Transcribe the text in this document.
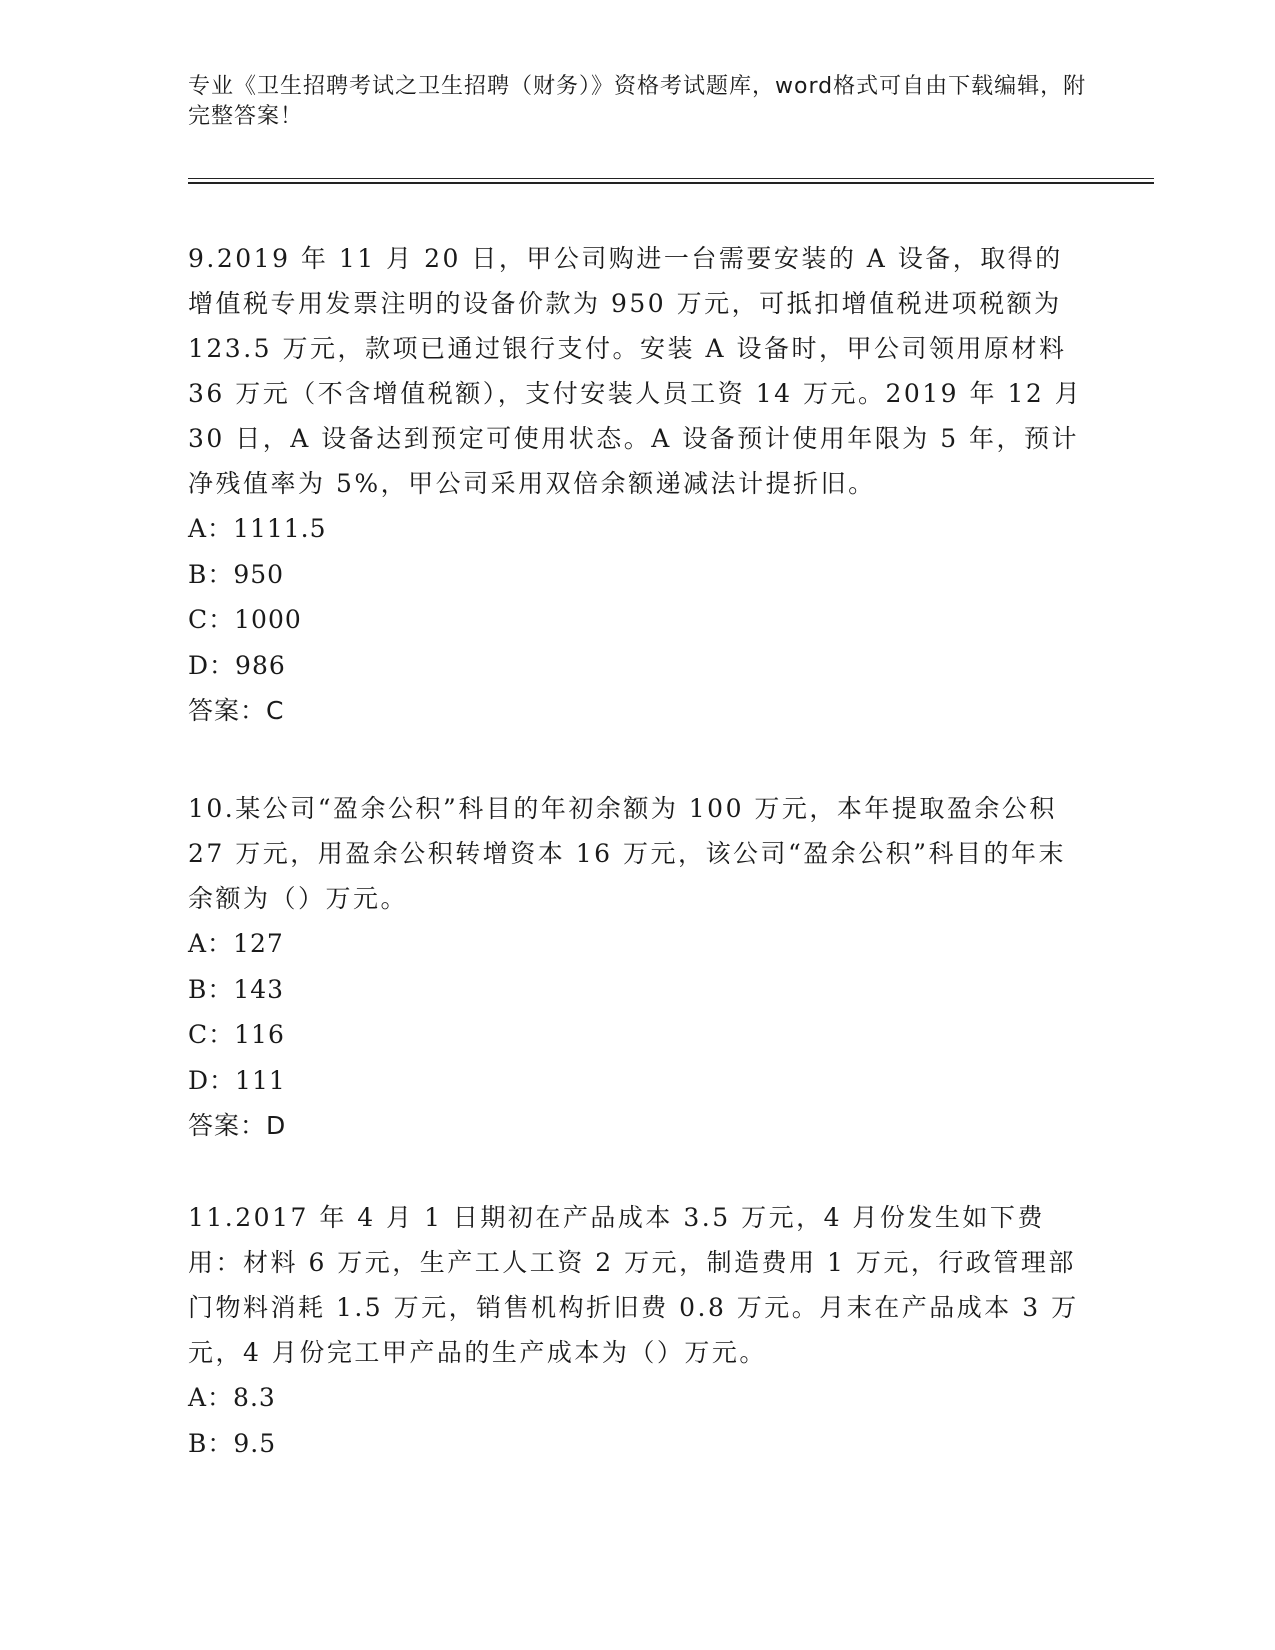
专业《卫生招聘考试之卫生招聘（财务）》资格考试题库，word格式可自由下载编辑，附完整答案！

9.2019 年 11 月 20 日，甲公司购进一台需要安装的 A 设备，取得的增值税专用发票注明的设备价款为 950 万元，可抵扣增值税进项税额为 123.5 万元，款项已通过银行支付。安装 A 设备时，甲公司领用原材料 36 万元（不含增值税额），支付安装人员工资 14 万元。2019 年 12 月 30 日，A 设备达到预定可使用状态。A 设备预计使用年限为 5 年，预计净残值率为 5%，甲公司采用双倍余额递减法计提折旧。

A：1111.5

B：950

C：1000

D：986

答案：C

10.某公司“盈余公积”科目的年初余额为 100 万元，本年提取盈余公积 27 万元，用盈余公积转增资本 16 万元，该公司“盈余公积”科目的年末余额为（）万元。

A：127

B：143

C：116

D：111

答案：D

11.2017 年 4 月 1 日期初在产品成本 3.5 万元，4 月份发生如下费用：材料 6 万元，生产工人工资 2 万元，制造费用 1 万元，行政管理部门物料消耗 1.5 万元，销售机构折旧费 0.8 万元。月末在产品成本 3 万元，4 月份完工甲产品的生产成本为（）万元。

A：8.3

B：9.5
